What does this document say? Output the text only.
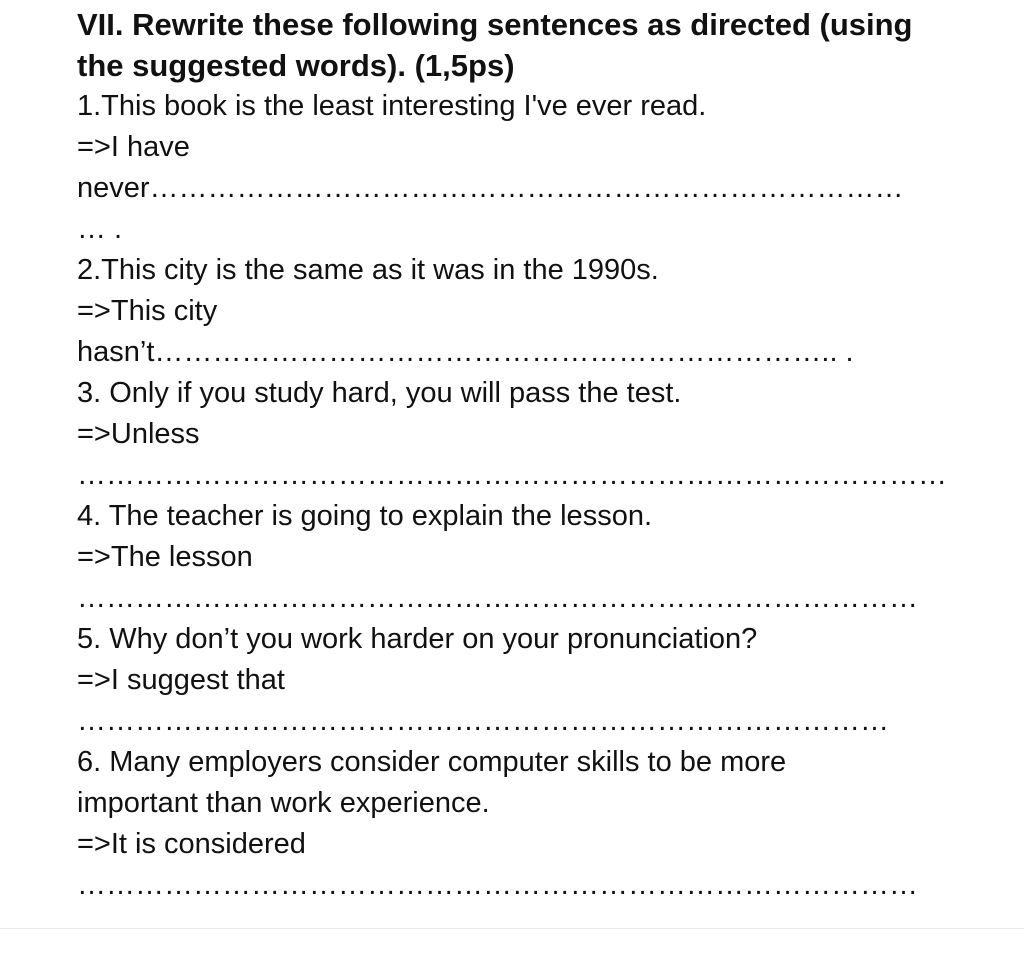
VII. Rewrite these following sentences as directed (using

the suggested words). (1,5ps)

1.This book is the least interesting I've ever read.

=>I have

never……………………………………………………………………

… .

2.This city is the same as it was in the 1990s.

=>This city

hasn’t…………………………………………………………….. .

3. Only if you study hard, you will pass the test.

=>Unless

………………………………………………………………………………

4. The teacher is going to explain the lesson.

=>The lesson

……………………………………………………………………………

5. Why don’t you work harder on your pronunciation?

=>I suggest that

…………………………………………………………………………

6. Many employers consider computer skills to be more

important than work experience.

=>It is considered

……………………………………………………………………………
